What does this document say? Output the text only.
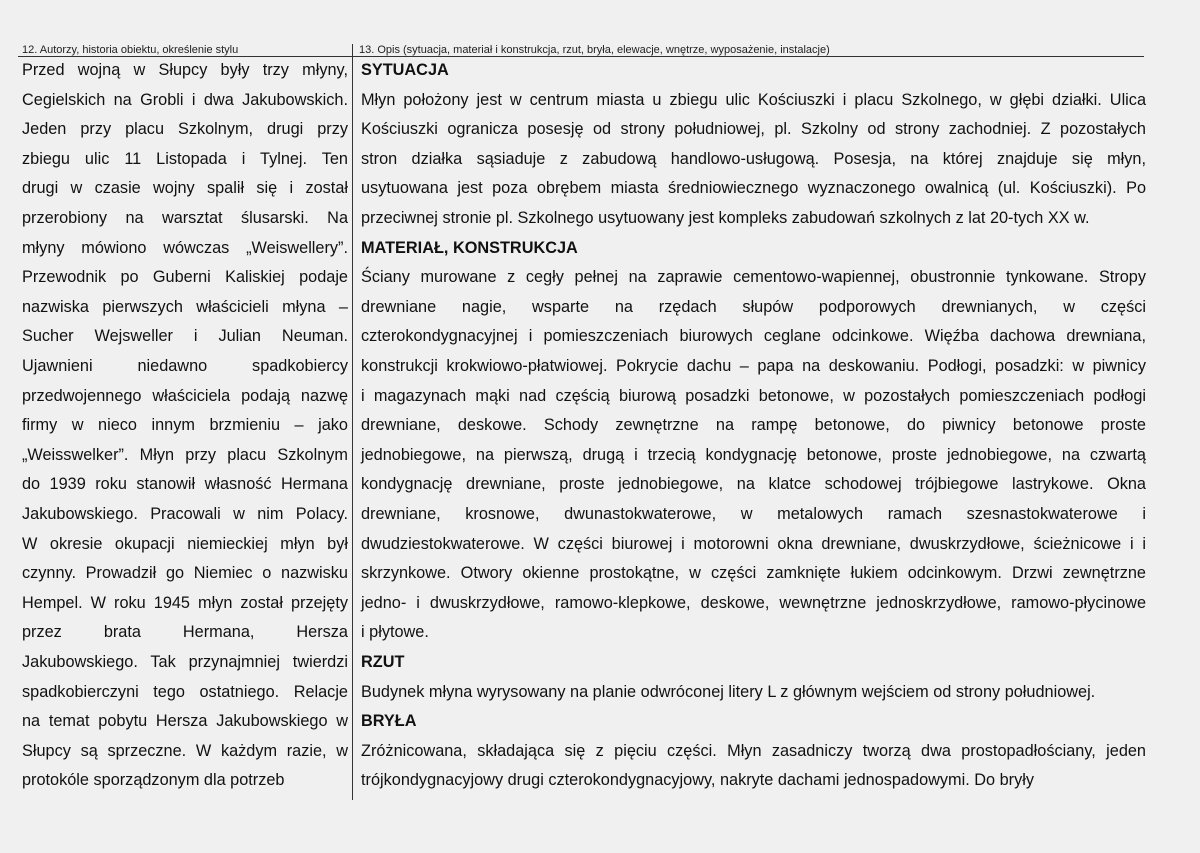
12. Autorzy, historia obiektu, określenie stylu	13. Opis (sytuacja, materiał i konstrukcja, rzut, bryła, elewacje, wnętrze, wyposażenie, instalacje)
Przed wojną w Słupcy były trzy młyny,
Cegielskich na Grobli i dwa Jakubowskich.
Jeden przy placu Szkolnym, drugi przy
zbiegu ulic 11 Listopada i Tylnej. Ten
drugi w czasie wojny spalił się i został
przerobiony na warsztat ślusarski. Na
młyny mówiono wówczas „Weiswellery”.
Przewodnik po Guberni Kaliskiej podaje
nazwiska pierwszych właścicieli młyna –
Sucher Wejsweller i Julian Neuman.
Ujawnieni niedawno spadkobiercy
przedwojennego właściciela podają nazwę
firmy w nieco innym brzmieniu – jako
„Weisswelker”. Młyn przy placu Szkolnym
do 1939 roku stanowił własność Hermana
Jakubowskiego. Pracowali w nim Polacy.
W okresie okupacji niemieckiej młyn był
czynny. Prowadził go Niemiec o nazwisku
Hempel. W roku 1945 młyn został przejęty
przez brata Hermana, Hersza
Jakubowskiego. Tak przynajmniej twierdzi
spadkobierczyni tego ostatniego. Relacje
na temat pobytu Hersza Jakubowskiego w
Słupcy są sprzeczne. W każdym razie, w
protokóle sporządzonym dla potrzeb
SYTUACJA
Młyn położony jest w centrum miasta u zbiegu ulic Kościuszki i placu Szkolnego, w głębi działki. Ulica
Kościuszki ogranicza posesję od strony południowej, pl. Szkolny od strony zachodniej. Z pozostałych
stron działka sąsiaduje z zabudową handlowo-usługową. Posesja, na której znajduje się młyn,
usytuowana jest poza obrębem miasta średniowiecznego wyznaczonego owalnicą (ul. Kościuszki). Po
przeciwnej stronie pl. Szkolnego usytuowany jest kompleks zabudowań szkolnych z lat 20-tych XX w.
MATERIAŁ, KONSTRUKCJA
Ściany murowane z cegły pełnej na zaprawie cementowo-wapiennej, obustronnie tynkowane. Stropy
drewniane nagie, wsparte na rzędach słupów podporowych drewnianych, w części
czterokondygnacyjnej i pomieszczeniach biurowych ceglane odcinkowe. Więźba dachowa drewniana,
konstrukcji krokwiowo-płatwiowej. Pokrycie dachu – papa na deskowaniu. Podłogi, posadzki: w piwnicy
i magazynach mąki nad częścią biurową posadzki betonowe, w pozostałych pomieszczeniach podłogi
drewniane, deskowe. Schody zewnętrzne na rampę betonowe, do piwnicy betonowe proste
jednobiegowe, na pierwszą, drugą i trzecią kondygnację betonowe, proste jednobiegowe, na czwartą
kondygnację drewniane, proste jednobiegowe, na klatce schodowej trójbiegowe lastrykowe. Okna
drewniane, krosnowe, dwunastokwaterowe, w metalowych ramach szesnastokwaterowe i
dwudziestokwaterowe. W części biurowej i motorowni okna drewniane, dwuskrzydłowe, ścieżnicowe i i
skrzynkowe. Otwory okienne prostokątne, w części zamknięte łukiem odcinkowym. Drzwi zewnętrzne
jedno- i dwuskrzydłowe, ramowo-klepkowe, deskowe, wewnętrzne jednoskrzydłowe, ramowo-płycinowe
i płytowe.
RZUT
Budynek młyna wyrysowany na planie odwróconej litery L z głównym wejściem od strony południowej.
BRYŁA
Zróżnicowana, składająca się z pięciu części. Młyn zasadniczy tworzą dwa prostopadłościany, jeden
trójkondygnacyjowy drugi czterokondygnacyjowy, nakryte dachami jednospadowymi. Do bryły
